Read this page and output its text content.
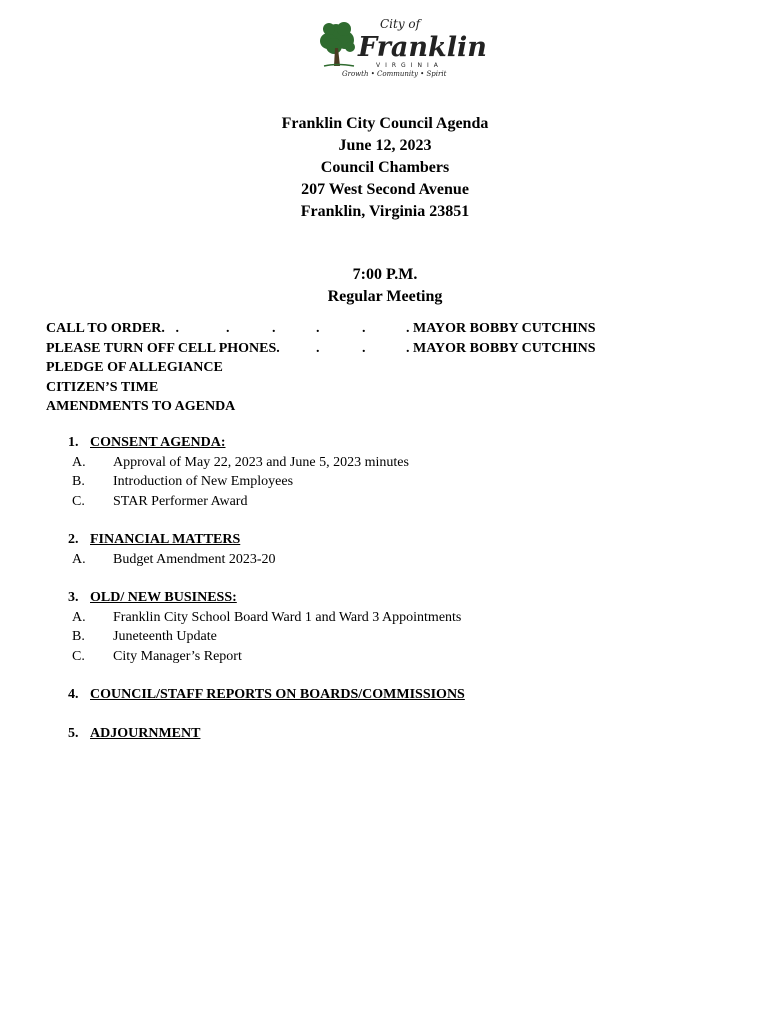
City of
Franklin
VIRGINIA
Growth • Community • Spirit
Franklin City Council Agenda
June 12, 2023
Council Chambers
207 West Second Avenue
Franklin, Virginia 23851
7:00 P.M.
Regular Meeting
CALL TO ORDER. .	.	.	.	.	. MAYOR BOBBY CUTCHINS
PLEASE TURN OFF CELL PHONES.	.	.	. MAYOR BOBBY CUTCHINS
PLEDGE OF ALLEGIANCE
CITIZEN’S TIME
AMENDMENTS TO AGENDA
1. CONSENT AGENDA:
A. Approval of May 22, 2023 and June 5, 2023 minutes
B. Introduction of New Employees
C. STAR Performer Award
2. FINANCIAL MATTERS
A. Budget Amendment 2023-20
3. OLD/ NEW BUSINESS:
A. Franklin City School Board Ward 1 and Ward 3 Appointments
B. Juneteenth Update
C. City Manager’s Report
4. COUNCIL/STAFF REPORTS ON BOARDS/COMMISSIONS
5. ADJOURNMENT
